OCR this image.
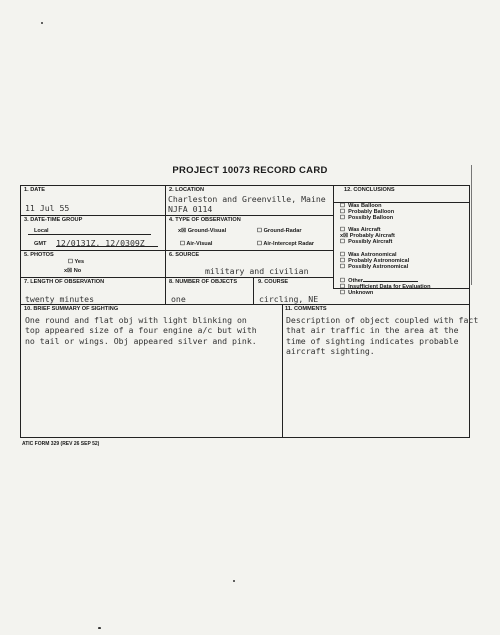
PROJECT 10073 RECORD CARD
1. DATE
11 Jul 55
2. LOCATION
Charleston and Greenville, Maine
NJFA 0114
3. DATE-TIME GROUP
Local
GMT 12/0131Z, 12/0309Z
4. TYPE OF OBSERVATION
x☒ Ground-Visual	☐ Ground-Radar
☐ Air-Visual	☐ Air-Intercept Radar
5. PHOTOS
☐ Yes
x☒ No
6. SOURCE
military and civilian
7. LENGTH OF OBSERVATION
twenty minutes
8. NUMBER OF OBJECTS
one
9. COURSE
circling, NE
10. BRIEF SUMMARY OF SIGHTING
One round and flat obj with light blinking on
top appeared size of a four engine a/c but with
no tail or wings. Obj appeared silver and pink.
11. COMMENTS
Description of object coupled with fact
that air traffic in the area at the
time of sighting indicates probable
aircraft sighting.
12. CONCLUSIONS
☐ Was Balloon
☐ Probably Balloon
☐ Possibly Balloon
☐ Was Aircraft
x☒ Probably Aircraft
☐ Possibly Aircraft
☐ Was Astronomical
☐ Probably Astronomical
☐ Possibly Astronomical
☐ Other
☐ Insufficient Data for Evaluation
☐ Unknown
ATIC FORM 329 (REV 26 SEP 52)
